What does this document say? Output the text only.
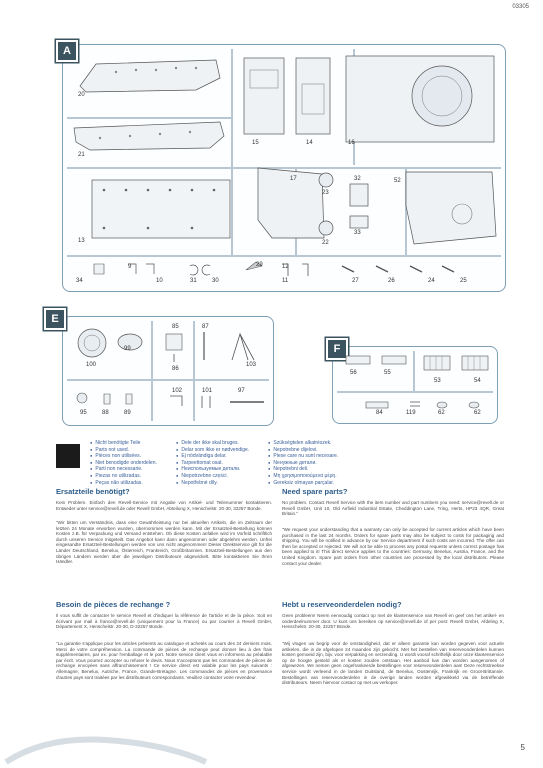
03305
A
20
21
13
15	14	16
17
23
22
32
33
52
34
9
10	31	30
29	12
11	27	26	24	25
E
100
99
85
86
87
103
102	101	97
95	88	89
F
56	55
53	54
84	119	62	62
● Nicht benötigte Teile
● Parts not used.
● Pièces non utilisées.
● Niet benodigde onderdelen.
● Parti non necessarie.
● Piezas no utilizadas.
● Peças não utilizadas.
● Dele der ikke skal bruges.
● Delar som ikke er nødvendige.
● Ej nödvändiga delar.
● Tarpeettomat osat.
● Неиспользуемые детали.
● Niepotrzebne części.
● Nepotřebné díly.
● Szükségtelen alkatrészek.
● Nepotrebne dijelovi.
● Piese care nu sunt necesare.
● Nенужные детали.
● Nepotrebni deli.
● Μη χρησιμοποιούμενα μέρη.
● Gereksiz olmayan parçalar.
Ersatzteile benötigt?
Kein Problem. Einfach den Revell-Service mit Angabe von Artikel- und Teilenummer kontaktieren. Entweder unter service@revell.de oder Revell GmbH, Abteilung X, Henschelstr. 20-30, 32257 Bünde.
"Wir bitten um Verständnis, dass eine Gewährleistung nur bei aktuellen Artikeln, die im Zeitraum der letzten 24 Monate erworben wurden, übernommen werden kann. Mit der Ersatzteil-Bestellung können Kosten z.B. für Verpackung und Versand entstehen. Ob diese Kosten anfallen wird im Vorfeld schriftlich durch unseren Service mitgeteilt. Das Angebot kann dann angenommen oder abgelehnt werden. Unfrei eingesandte Ersatzteil-Bestellungen werden von uns nicht angenommen! Dieser Direktservice gilt für die Länder Deutschland, Benelux, Österreich, Frankreich, Großbritannien. Ersatzteil-Bestellungen aus den übrigen Ländern werden über die jeweiligen Distributeure abgewickelt. Bitte kontaktieren Sie Ihren Händler.
Besoin de pièces de rechange ?
Il vous suffit de contacter le service Revell et d'indiquer la référence de l'article et de la pièce. Soit en écrivant par mail à france@revell.de (uniquement pour la France) ou par courrier à Revell GmbH, Département X, Henschelstr. 20-30, D-32257 Bünde.
"La garantie s'applique pour les articles présents au catalogue et achetés au cours des 24 derniers mois. Merci de votre compréhension. La commande de pièces de rechange peut donner lieu à des frais supplémentaires, par ex. pour l'emballage et le port. Notre service client vous en informera au préalable par écrit. Vous pourrez accepter ou refuser le devis. Nous n'acceptons pas les commandes de pièces de rechange envoyées sans affranchissement ! Ce service direct est valable pour les pays suivants : Allemagne, Benelux, Autriche, France, Grande-Bretagne. Les commandes de pièces en provenance d'autres pays sont traitées par les distributeurs correspondants. Veuillez contacter votre revendeur.
Need spare parts?
No problem. Contact Revell Service with the item number and part numbers you need: service@revell.de or Revell GmbH, Unit 10, Old Airfield Industrial Estate, Cheddington Lane, Tring, Herts, HP23 4QR, Great Britain."
"We request your understanding that a warranty can only be accepted for current articles which have been purchased in the last 24 months. Orders for spare parts may also be subject to costs for packaging and shipping. You will be notified in advance by our Service department if such costs are incurred. The offer can then be accepted or rejected. We will not be able to process any postal requests unless correct postage has been applied to it! This direct service applies to the countries: Germany, Benelux, Austria, France, and the United Kingdom. Spare part orders from other countries are processed by the local distributors. Please contact your dealer.
Hebt u reserveonderdelen nodig?
Geen probleem! Neem eenvoudig contact op met de klantenservice van Revell en geef ons het artikel- en onderdeelnummer door. U kunt ons bereiken op service@revell.de of per post: Revell GmbH, Afdeling X, Henschelstr. 20-30, 32257 Bünde.
"Wij vragen uw begrip voor de omstandigheid, dat er alleen garantie kan worden gegeven voor actuele artikelen, die in de afgelopen 24 maanden zijn gekocht. Met het bestellen van reserveonderdelen kunnen kosten gemoeid zijn, bijv. voor verpakking en verzending. U wordt vooraf schriftelijk door onze klantenservice op de hoogte gesteld als er kosten zouden ontstaan. Het aanbod kan dan worden aangenomen of afgewezen. We nemen geen ongefrankeerde bestellingen voor reserveonderdelen aan! Deze rechtstreekse service wordt verleend in de landen Duitsland, de Benelux, Oostenrijk, Frankrijk en Groot-Brittannië. Bestellingen van reserveonderdelen in de overige landen worden afgewikkeld via de betreffende distributeurs. Neem hiervoor contact op met uw verkoper.
5
